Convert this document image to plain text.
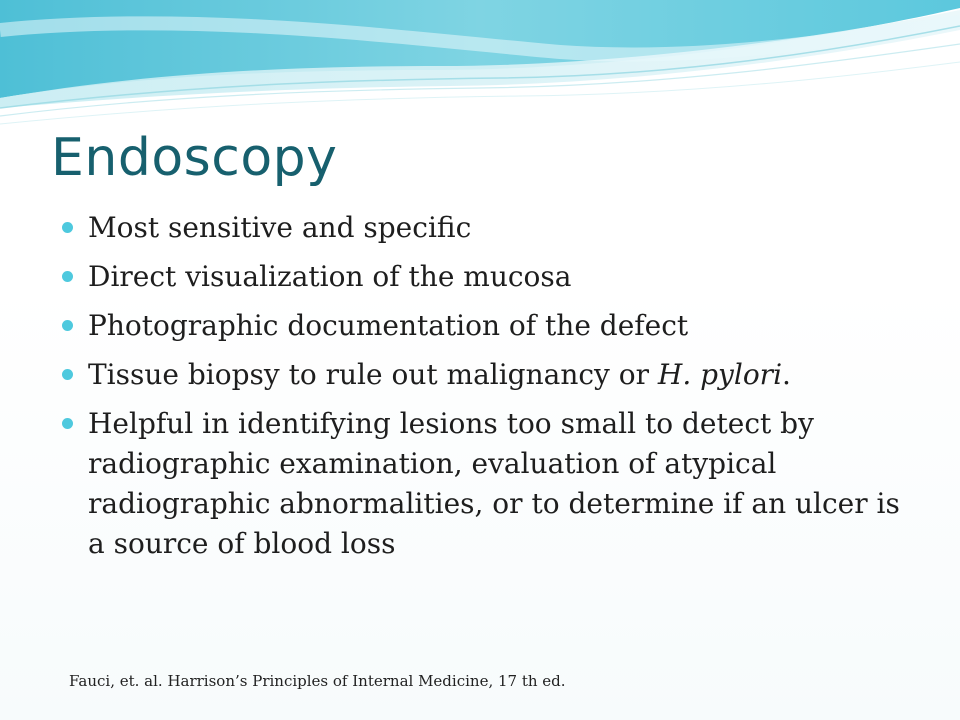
Endoscopy
Most sensitive and specific
Direct visualization of the mucosa
Photographic documentation of the defect
Tissue biopsy to rule out malignancy or H. pylori.
Helpful in identifying lesions too small to detect by radiographic examination, evaluation of atypical radiographic abnormalities, or to determine if an ulcer is a source of blood loss

Fauci, et. al. Harrison’s Principles of Internal Medicine, 17 th ed.
